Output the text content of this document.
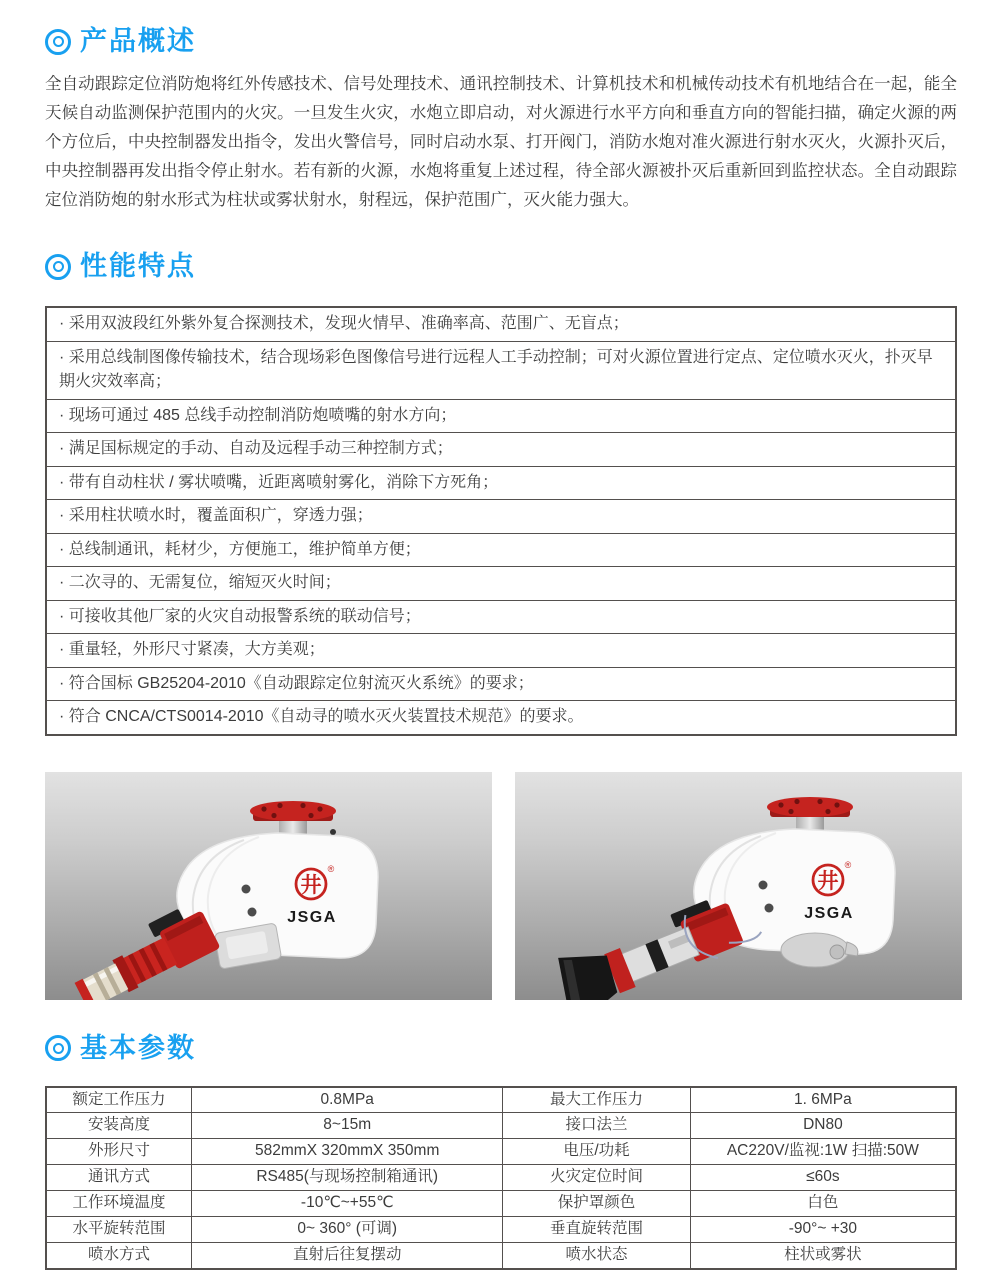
产品概述

全自动跟踪定位消防炮将红外传感技术、信号处理技术、通讯控制技术、计算机技术和机械传动技术有机地结合在一起，能全天候自动监测保护范围内的火灾。一旦发生火灾，水炮立即启动，对火源进行水平方向和垂直方向的智能扫描，确定火源的两个方位后，中央控制器发出指令，发出火警信号，同时启动水泵、打开阀门，消防水炮对准火源进行射水灭火，火源扑灭后，中央控制器再发出指令停止射水。若有新的火源，水炮将重复上述过程，待全部火源被扑灭后重新回到监控状态。全自动跟踪定位消防炮的射水形式为柱状或雾状射水，射程远，保护范围广，灭火能力强大。

性能特点
· 采用双波段红外紫外复合探测技术，发现火情早、准确率高、范围广、无盲点；
· 采用总线制图像传输技术，结合现场彩色图像信号进行远程人工手动控制；可对火源位置进行定点、定位喷水灭火，扑灭早期火灾效率高；
· 现场可通过 485 总线手动控制消防炮喷嘴的射水方向；
· 满足国标规定的手动、自动及远程手动三种控制方式；
· 带有自动柱状 / 雾状喷嘴，近距离喷射雾化，消除下方死角；
· 采用柱状喷水时，覆盖面积广，穿透力强；
· 总线制通讯，耗材少，方便施工，维护简单方便；
· 二次寻的、无需复位，缩短灭火时间；
· 可接收其他厂家的火灾自动报警系统的联动信号；
· 重量轻，外形尺寸紧凑，大方美观；
· 符合国标 GB25204-2010《自动跟踪定位射流灭火系统》的要求；
· 符合 CNCA/CTS0014-2010《自动寻的喷水灭火装置技术规范》的要求。
井
®
JSGA
井
®
JSGA
基本参数
额定工作压力	0.8MPa	最大工作压力	1. 6MPa
安装高度	8~15m	接口法兰	DN80
外形尺寸	582mmX 320mmX 350mm	电压/功耗	AC220V/监视:1W 扫描:50W
通讯方式	RS485(与现场控制箱通讯)	火灾定位时间	≤60s
工作环境温度	-10℃~+55℃	保护罩颜色	白色
水平旋转范围	0~ 360° (可调)	垂直旋转范围	-90°~ +30
喷水方式	直射后往复摆动	喷水状态	柱状或雾状
